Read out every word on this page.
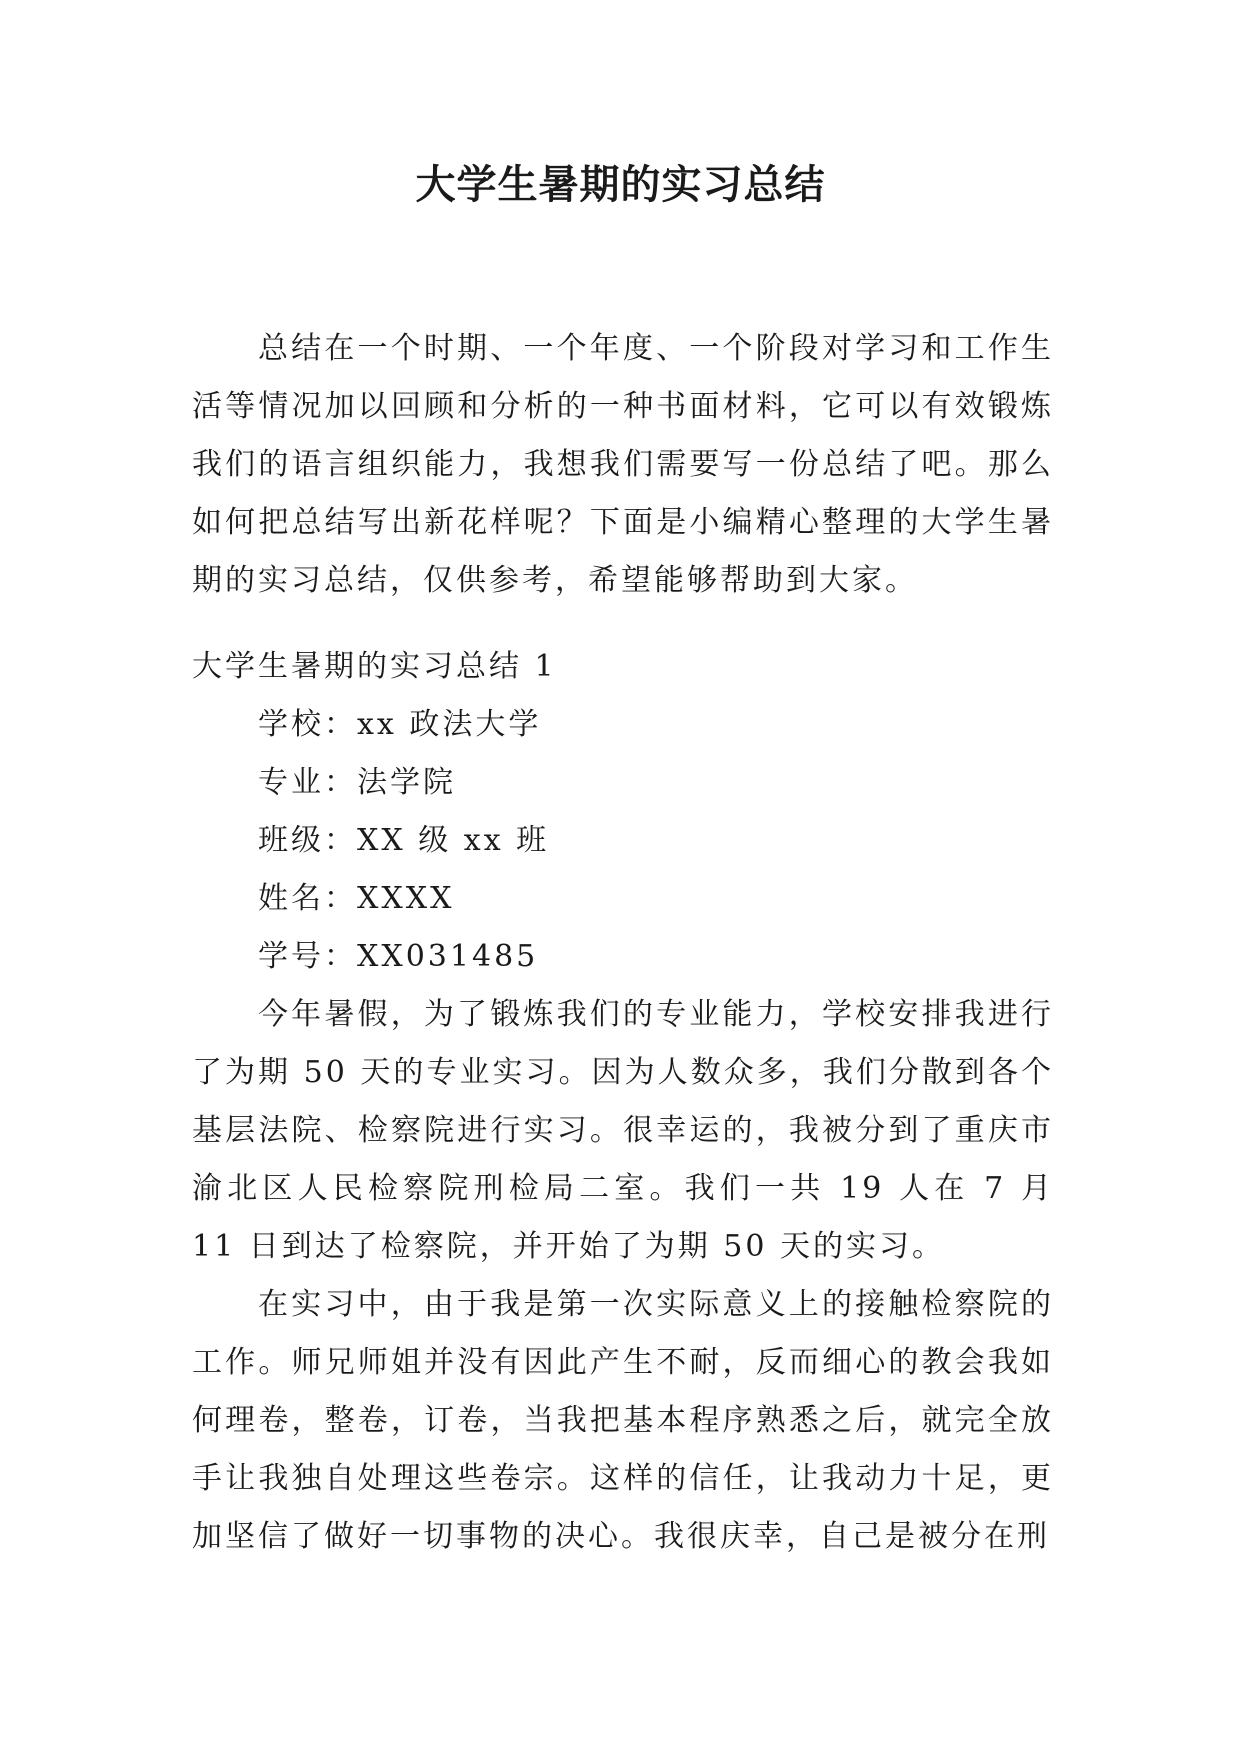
大学生暑期的实习总结

总结在一个时期、一个年度、一个阶段对学习和工作生活等情况加以回顾和分析的一种书面材料，它可以有效锻炼我们的语言组织能力，我想我们需要写一份总结了吧。那么如何把总结写出新花样呢？下面是小编精心整理的大学生暑期的实习总结，仅供参考，希望能够帮助到大家。

大学生暑期的实习总结 1

学校：xx 政法大学

专业：法学院

班级：XX 级 xx 班

姓名：XXXX

学号：XX031485

今年暑假，为了锻炼我们的专业能力，学校安排我进行了为期 50 天的专业实习。因为人数众多，我们分散到各个基层法院、检察院进行实习。很幸运的，我被分到了重庆市渝北区人民检察院刑检局二室。我们一共 19 人在 7 月 11 日到达了检察院，并开始了为期 50 天的实习。

在实习中，由于我是第一次实际意义上的接触检察院的工作。师兄师姐并没有因此产生不耐，反而细心的教会我如何理卷，整卷，订卷，当我把基本程序熟悉之后，就完全放手让我独自处理这些卷宗。这样的信任，让我动力十足，更加坚信了做好一切事物的决心。我很庆幸，自己是被分在刑
